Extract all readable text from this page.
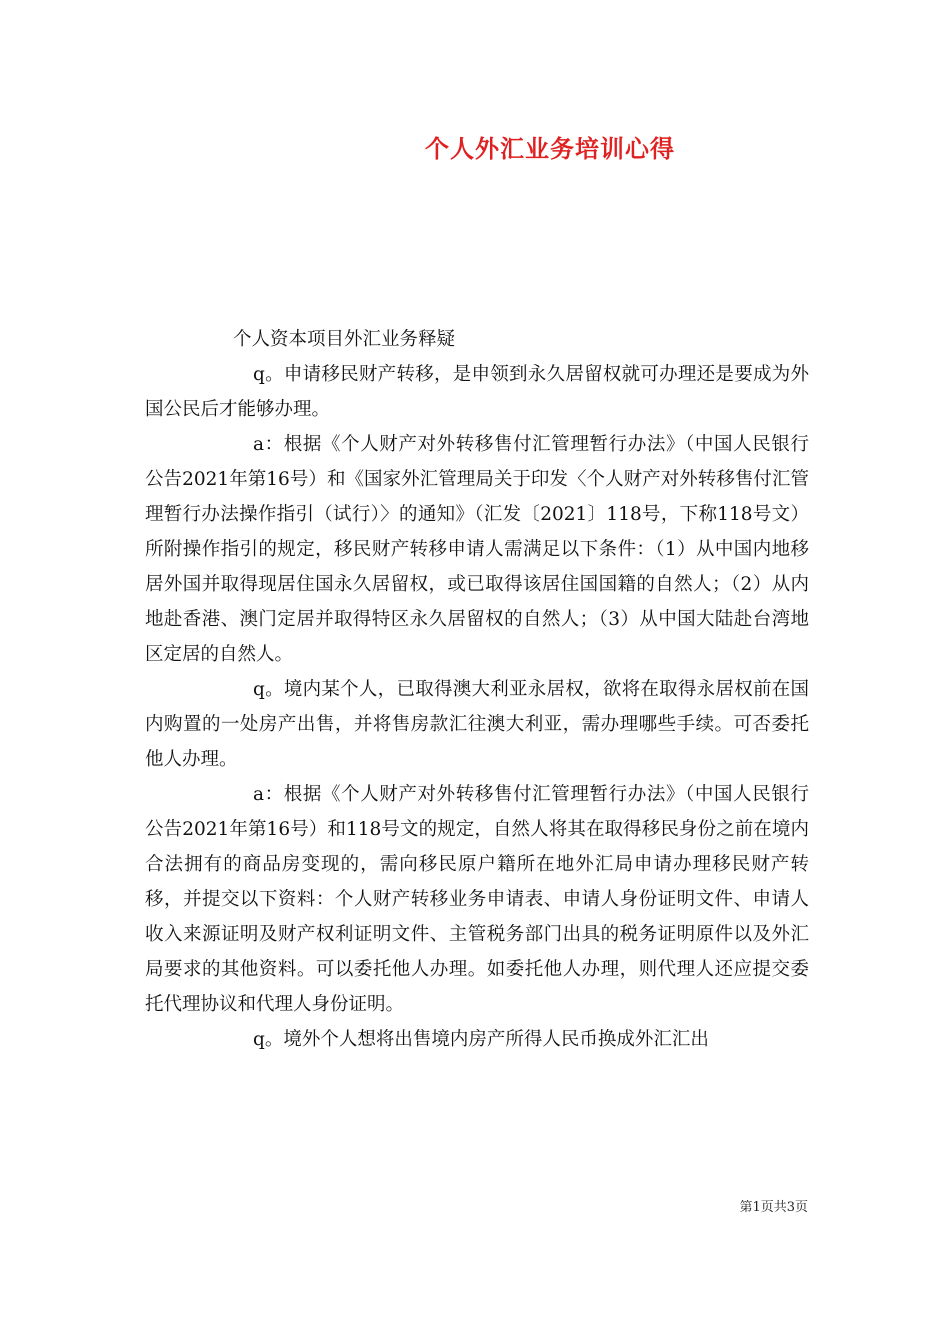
个人外汇业务培训心得

个人资本项目外汇业务释疑

q。申请移民财产转移，是申领到永久居留权就可办理还是要成为外国公民后才能够办理。

a：根据《个人财产对外转移售付汇管理暂行办法》（中国人民银行公告2021年第16号）和《国家外汇管理局关于印发〈个人财产对外转移售付汇管理暂行办法操作指引（试行）〉的通知》（汇发〔2021〕118号，下称118号文）所附操作指引的规定，移民财产转移申请人需满足以下条件：（1）从中国内地移居外国并取得现居住国永久居留权，或已取得该居住国国籍的自然人；（2）从内地赴香港、澳门定居并取得特区永久居留权的自然人；（3）从中国大陆赴台湾地区定居的自然人。

q。境内某个人，已取得澳大利亚永居权，欲将在取得永居权前在国内购置的一处房产出售，并将售房款汇往澳大利亚，需办理哪些手续。可否委托他人办理。

a：根据《个人财产对外转移售付汇管理暂行办法》（中国人民银行公告2021年第16号）和118号文的规定，自然人将其在取得移民身份之前在境内合法拥有的商品房变现的，需向移民原户籍所在地外汇局申请办理移民财产转移，并提交以下资料：个人财产转移业务申请表、申请人身份证明文件、申请人收入来源证明及财产权利证明文件、主管税务部门出具的税务证明原件以及外汇局要求的其他资料。可以委托他人办理。如委托他人办理，则代理人还应提交委托代理协议和代理人身份证明。

q。境外个人想将出售境内房产所得人民币换成外汇汇出

第1页共3页
